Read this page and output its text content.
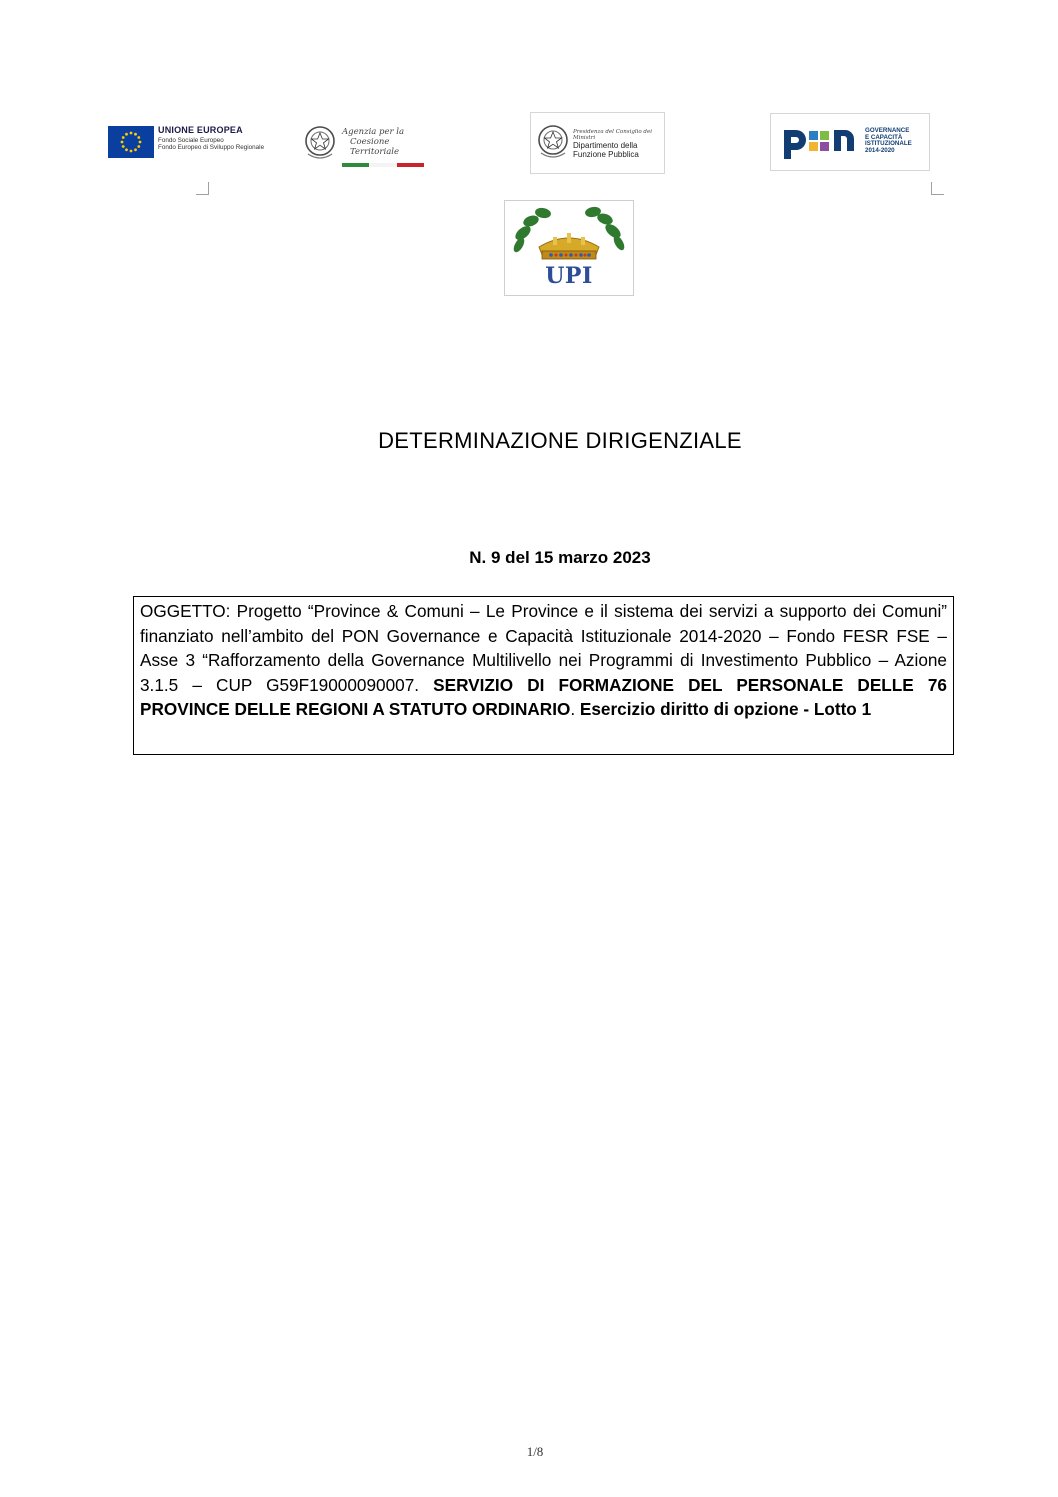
UNIONE EUROPEA
Fondo Sociale Europeo
Fondo Europeo di Sviluppo Regionale
Agenzia per la
Coesione Territoriale
Presidenza del Consiglio dei Ministri
Dipartimento della
Funzione Pubblica
GOVERNANCE
E CAPACITÀ
ISTITUZIONALE
2014-2020
UPI
DETERMINAZIONE DIRIGENZIALE
N. 9 del 15 marzo 2023
OGGETTO: Progetto “Province & Comuni – Le Province e il sistema dei servizi a supporto dei Comuni” finanziato nell’ambito del PON Governance e Capacità Istituzionale 2014-2020 – Fondo FESR FSE – Asse 3 “Rafforzamento della Governance Multilivello nei Programmi di Investimento Pubblico – Azione 3.1.5 – CUP G59F19000090007. SERVIZIO DI FORMAZIONE DEL PERSONALE DELLE 76 PROVINCE DELLE REGIONI A STATUTO ORDINARIO. Esercizio diritto di opzione - Lotto 1
1/8
